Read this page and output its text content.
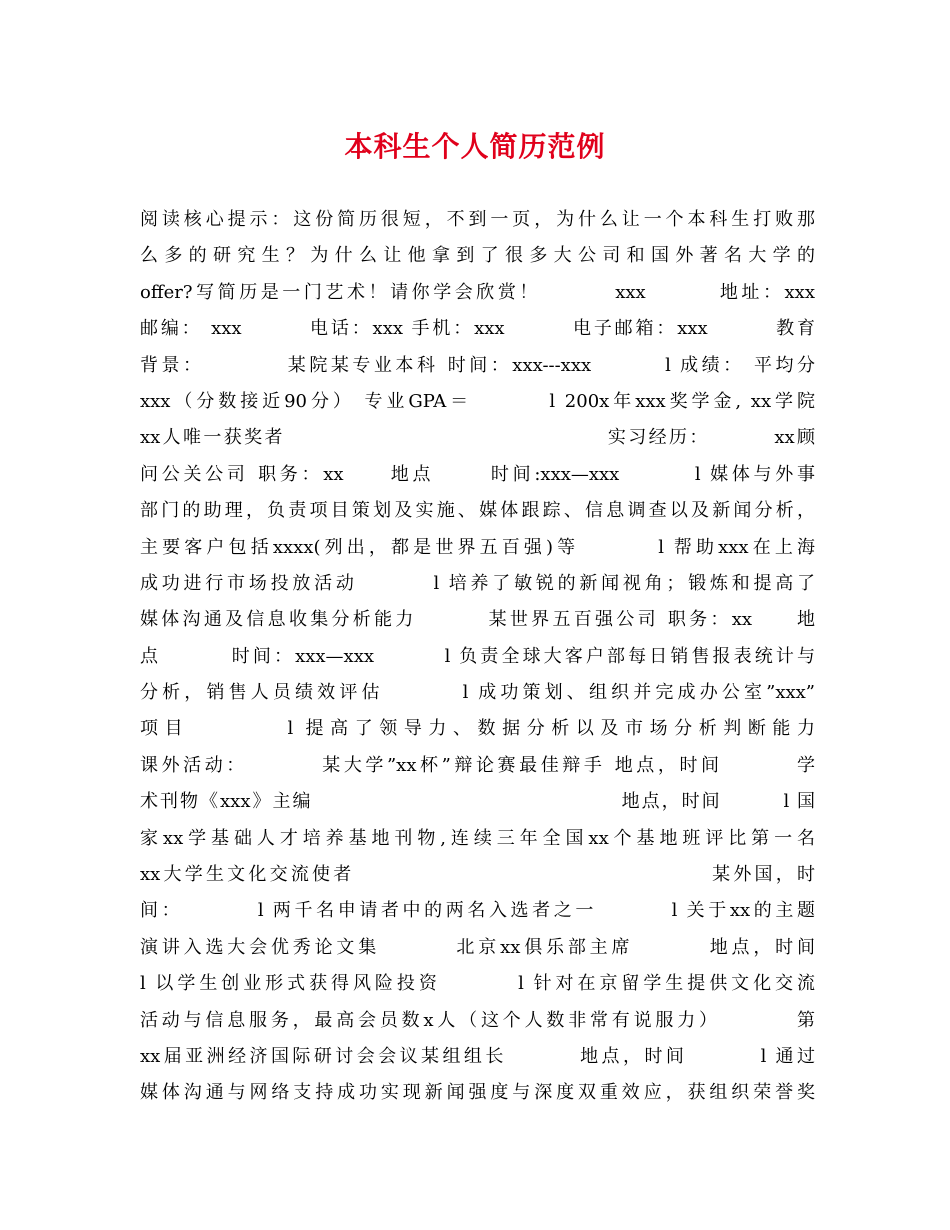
本科生个人简历范例
阅读核心提示：这份简历很短，不到一页，为什么让一个本科生打败那
么多的研究生？为什么让他拿到了很多大公司和国外著名大学的
offer?写简历是一门艺术！请你学会欣赏！        xxx        地址：xxx
邮编： xxx        电话：xxx 手机：xxx        电子邮箱：xxx        教育
背景：         某院某专业本科 时间：xxx---xxx        l 成绩： 平均分
xxx（分数接近90分） 专业GPA＝        l 200x年xxx奖学金, xx学院
xx人唯一获奖者                                        实习经历：        xx顾
问公关公司 职务：xx     地点      时间:xxx—xxx        l 媒体与外事
部门的助理，负责项目策划及实施、媒体跟踪、信息调查以及新闻分析，
主要客户包括xxxx(列出，都是世界五百强)等        l 帮助xxx在上海
成功进行市场投放活动        l 培养了敏锐的新闻视角；锻炼和提高了
媒体沟通及信息收集分析能力        某世界五百强公司 职务：xx     地
点        时间：xxx—xxx        l 负责全球大客户部每日销售报表统计与
分析，销售人员绩效评估        l 成功策划、组织并完成办公室”xxx”
项目        l 提高了领导力、数据分析以及市场分析判断能力
课外活动：        某大学”xx杯”辩论赛最佳辩手 地点，时间        学
术刊物《xxx》主编                                        地点，时间        l 国
家xx学基础人才培养基地刊物,连续三年全国xx个基地班评比第一名
xx大学生文化交流使者                                        某外国，时
间：        l 两千名申请者中的两名入选者之一        l 关于xx的主题
演讲入选大会优秀论文集        北京xx俱乐部主席        地点，时间
l 以学生创业形式获得风险投资        l 针对在京留学生提供文化交流
活动与信息服务，最高会员数x人（这个人数非常有说服力）        第
xx届亚洲经济国际研讨会会议某组组长        地点，时间        l 通过
媒体沟通与网络支持成功实现新闻强度与深度双重效应，获组织荣誉奖
